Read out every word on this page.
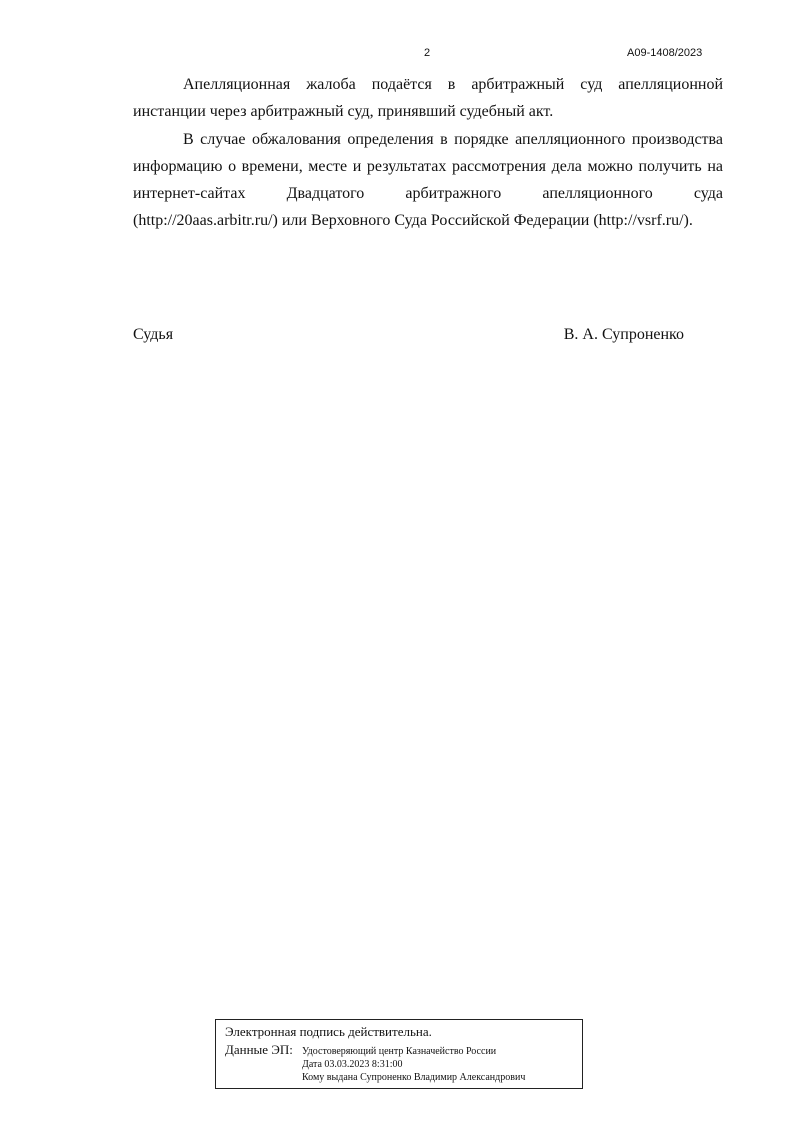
2	А09-1408/2023
Апелляционная жалоба подаётся в арбитражный суд апелляционной
инстанции через арбитражный суд, принявший судебный акт.
В случае обжалования определения в порядке апелляционного производства
информацию о времени, месте и результатах рассмотрения дела можно получить на
интернет-сайтах Двадцатого арбитражного апелляционного суда
(http://20aas.arbitr.ru/) или Верховного Суда Российской Федерации (http://vsrf.ru/).
Судья	В. А. Супроненко
Электронная подпись действительна.
Данные ЭП: Удостоверяющий центр Казначейство России
Дата 03.03.2023 8:31:00
Кому выдана Супроненко Владимир Александрович
